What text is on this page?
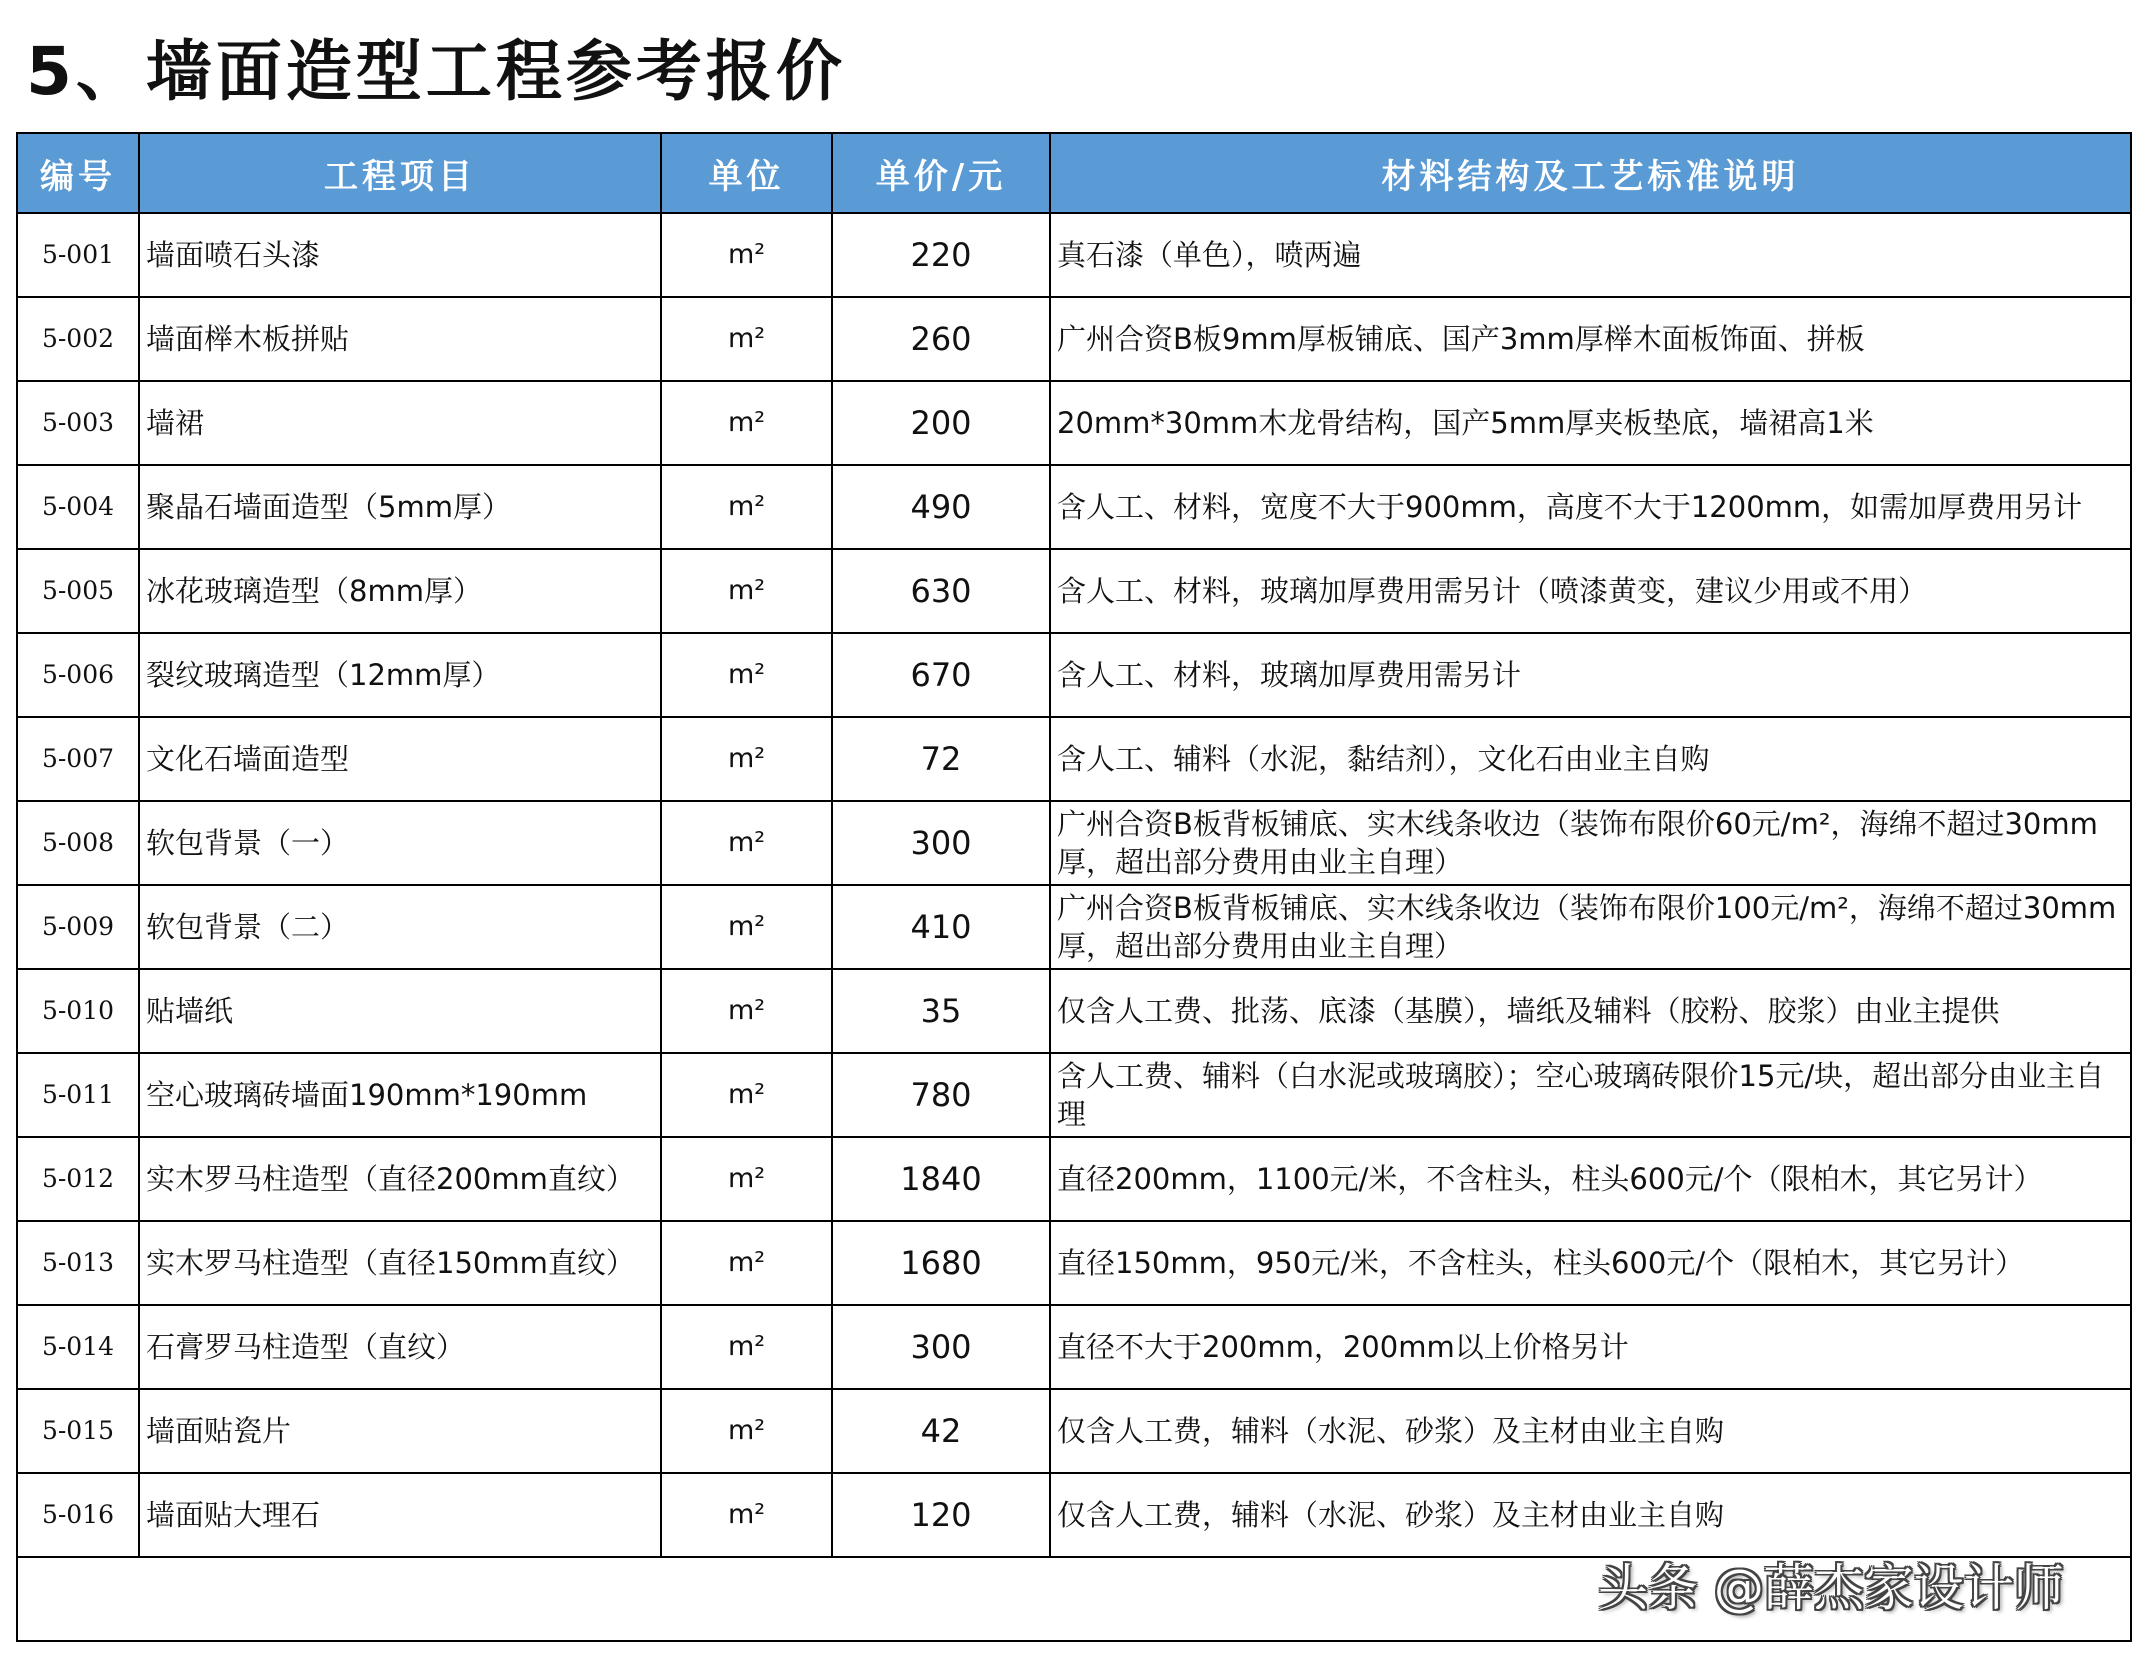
5、墙面造型工程参考报价
编号	工程项目	单位	单价/元	材料结构及工艺标准说明
5-001	墙面喷石头漆	m²	220	真石漆（单色），喷两遍
5-002	墙面榉木板拼贴	m²	260	广州合资B板9mm厚板铺底、国产3mm厚榉木面板饰面、拼板
5-003	墙裙	m²	200	20mm*30mm木龙骨结构，国产5mm厚夹板垫底，墙裙高1米
5-004	聚晶石墙面造型（5mm厚）	m²	490	含人工、材料，宽度不大于900mm，高度不大于1200mm，如需加厚费用另计
5-005	冰花玻璃造型（8mm厚）	m²	630	含人工、材料，玻璃加厚费用需另计（喷漆黄变，建议少用或不用）
5-006	裂纹玻璃造型（12mm厚）	m²	670	含人工、材料，玻璃加厚费用需另计
5-007	文化石墙面造型	m²	72	含人工、辅料（水泥，黏结剂），文化石由业主自购
5-008	软包背景（一）	m²	300	广州合资B板背板铺底、实木线条收边（装饰布限价60元/m²，海绵不超过30mm厚，超出部分费用由业主自理）
5-009	软包背景（二）	m²	410	广州合资B板背板铺底、实木线条收边（装饰布限价100元/m²，海绵不超过30mm厚，超出部分费用由业主自理）
5-010	贴墙纸	m²	35	仅含人工费、批荡、底漆（基膜），墙纸及辅料（胶粉、胶浆）由业主提供
5-011	空心玻璃砖墙面190mm*190mm	m²	780	含人工费、辅料（白水泥或玻璃胶）；空心玻璃砖限价15元/块，超出部分由业主自理
5-012	实木罗马柱造型（直径200mm直纹）	m²	1840	直径200mm，1100元/米，不含柱头，柱头600元/个（限柏木，其它另计）
5-013	实木罗马柱造型（直径150mm直纹）	m²	1680	直径150mm，950元/米，不含柱头，柱头600元/个（限柏木，其它另计）
5-014	石膏罗马柱造型（直纹）	m²	300	直径不大于200mm，200mm以上价格另计
5-015	墙面贴瓷片	m²	42	仅含人工费，辅料（水泥、砂浆）及主材由业主自购
5-016	墙面贴大理石	m²	120	仅含人工费，辅料（水泥、砂浆）及主材由业主自购

头条 @薛杰家设计师
